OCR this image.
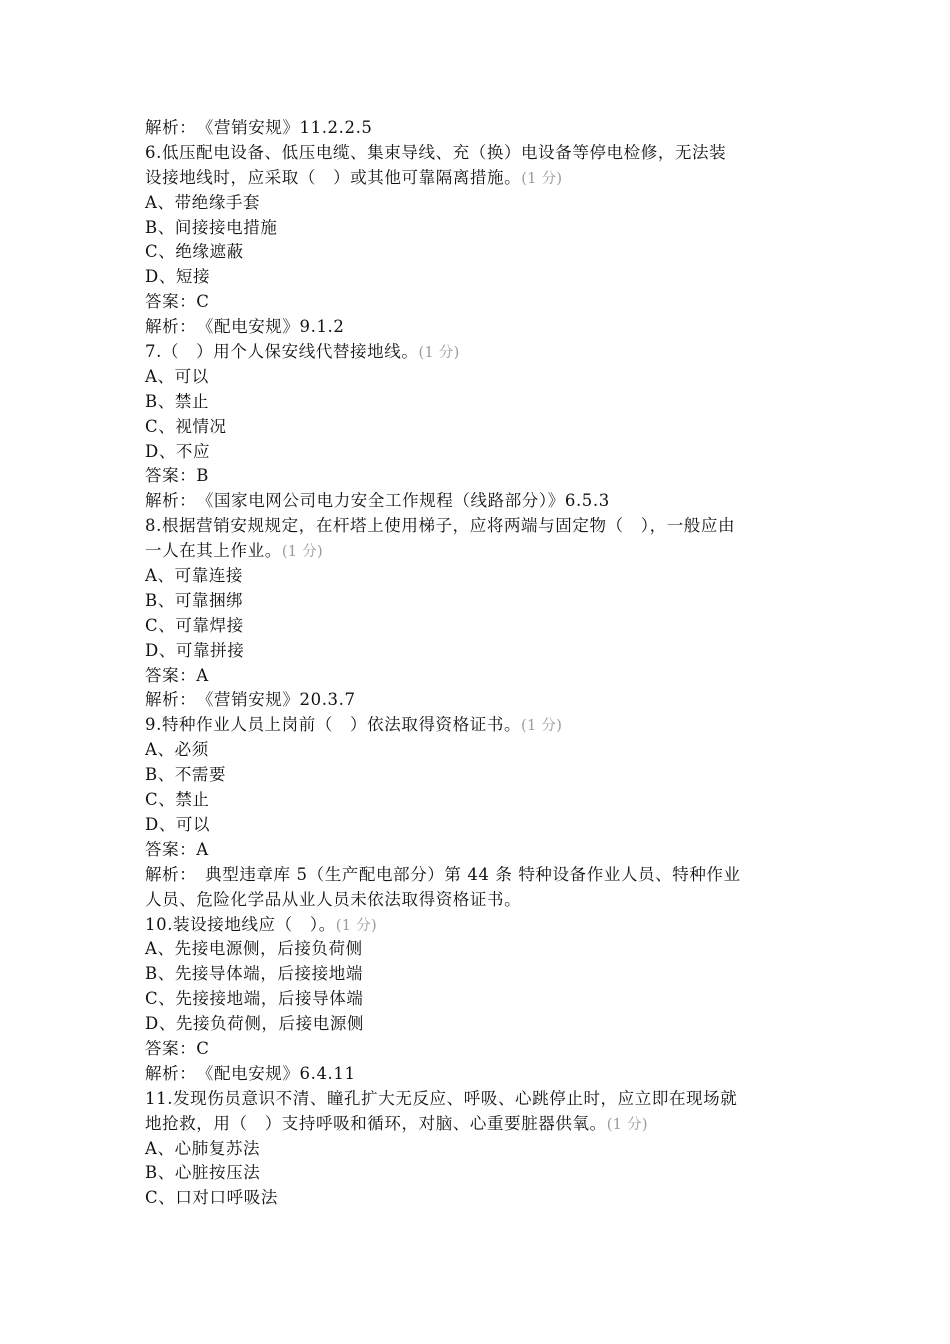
解析：　《营销安规》11.2.2.5
6.低压配电设备、低压电缆、集束导线、充（换）电设备等停电检修，无法装
设接地线时，应采取（　）或其他可靠隔离措施。(1 分)
A、带绝缘手套
B、间接接电措施
C、绝缘遮蔽
D、短接
答案：C
解析：　《配电安规》9.1.2
7.（　）用个人保安线代替接地线。(1 分)
A、可以
B、禁止
C、视情况
D、不应
答案：B
解析：　《国家电网公司电力安全工作规程（线路部分）》6.5.3
8.根据营销安规规定，在杆塔上使用梯子，应将两端与固定物（　），一般应由
一人在其上作业。(1 分)
A、可靠连接
B、可靠捆绑
C、可靠焊接
D、可靠拼接
答案：A
解析：　《营销安规》20.3.7
9.特种作业人员上岗前（　）依法取得资格证书。(1 分)
A、必须
B、不需要
C、禁止
D、可以
答案：A
解析：　典型违章库 5（生产配电部分）第 44 条 特种设备作业人员、特种作业
人员、危险化学品从业人员未依法取得资格证书。
10.装设接地线应（　）。(1 分)
A、先接电源侧，后接负荷侧
B、先接导体端，后接接地端
C、先接接地端，后接导体端
D、先接负荷侧，后接电源侧
答案：C
解析：　《配电安规》6.4.11
11.发现伤员意识不清、瞳孔扩大无反应、呼吸、心跳停止时，应立即在现场就
地抢救，用（　）支持呼吸和循环，对脑、心重要脏器供氧。(1 分)
A、心肺复苏法
B、心脏按压法
C、口对口呼吸法
